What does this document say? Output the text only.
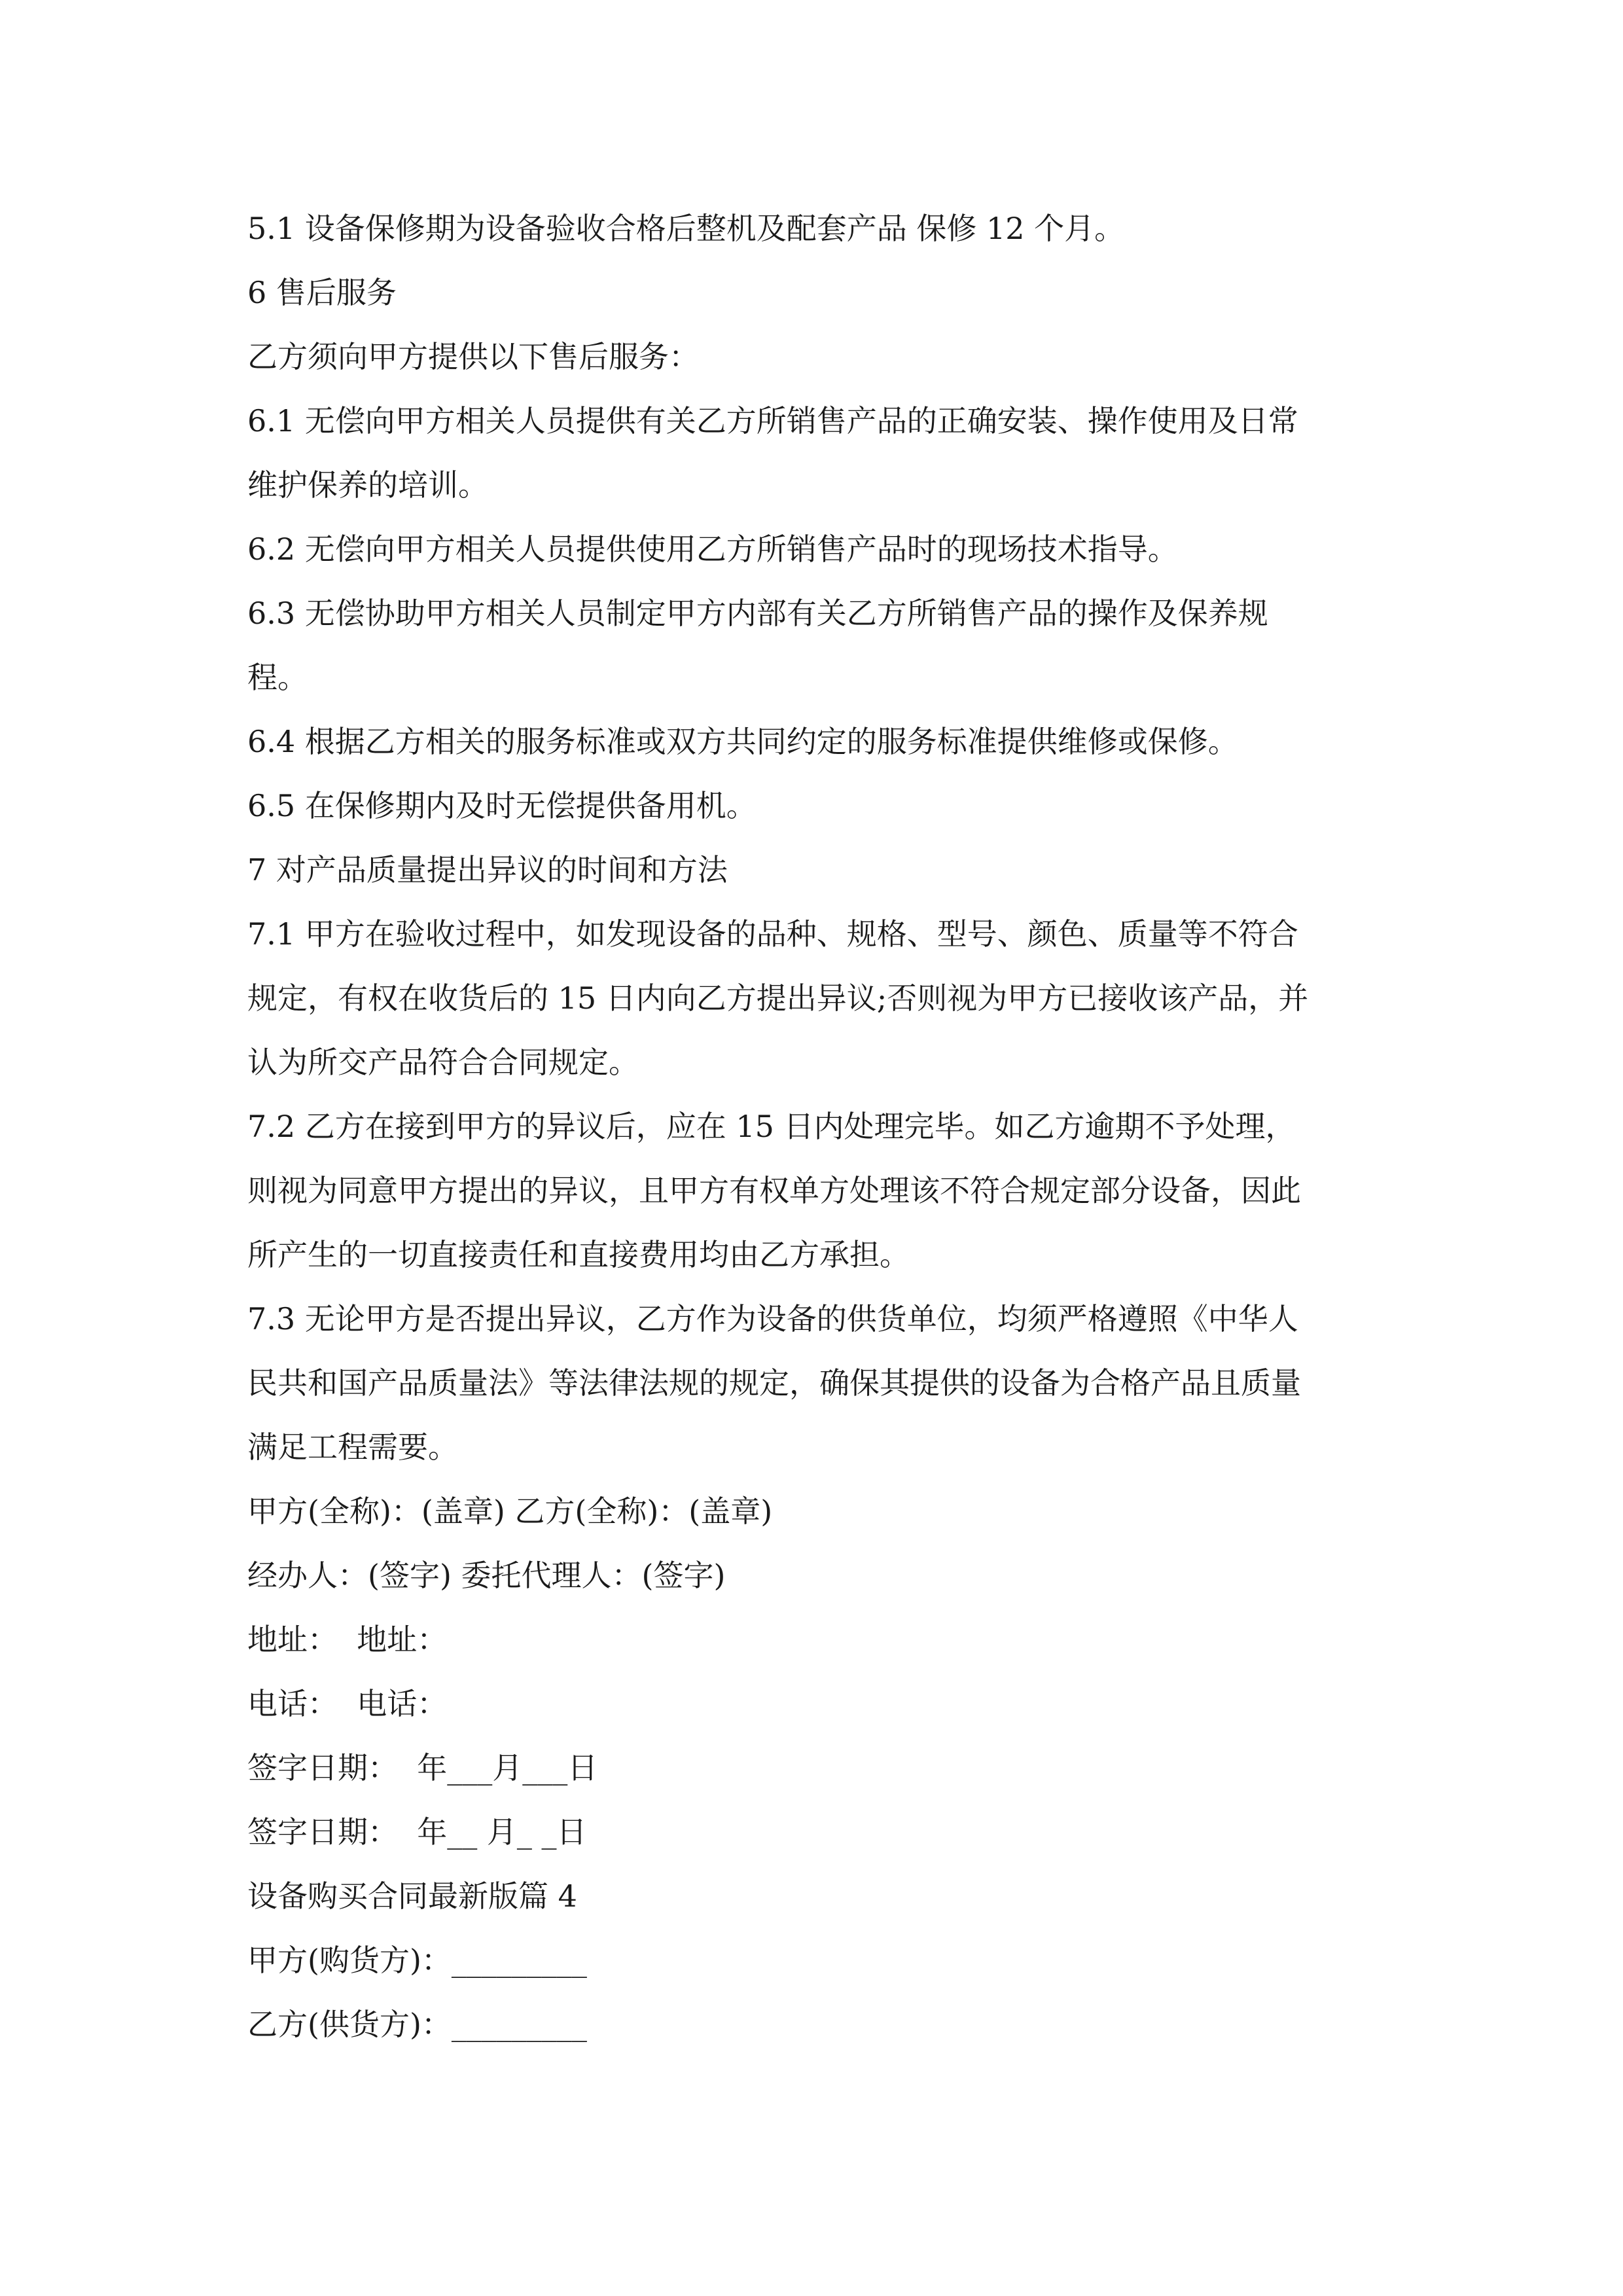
5.1 设备保修期为设备验收合格后整机及配套产品 保修 12 个月。

6 售后服务

乙方须向甲方提供以下售后服务：

6.1 无偿向甲方相关人员提供有关乙方所销售产品的正确安装、操作使用及日常

维护保养的培训。

6.2 无偿向甲方相关人员提供使用乙方所销售产品时的现场技术指导。

6.3 无偿协助甲方相关人员制定甲方内部有关乙方所销售产品的操作及保养规

程。

6.4 根据乙方相关的服务标准或双方共同约定的服务标准提供维修或保修。

6.5 在保修期内及时无偿提供备用机。

7 对产品质量提出异议的时间和方法

7.1 甲方在验收过程中，如发现设备的品种、规格、型号、颜色、质量等不符合

规定，有权在收货后的 15 日内向乙方提出异议;否则视为甲方已接收该产品，并

认为所交产品符合合同规定。

7.2 乙方在接到甲方的异议后，应在 15 日内处理完毕。如乙方逾期不予处理，

则视为同意甲方提出的异议，且甲方有权单方处理该不符合规定部分设备，因此

所产生的一切直接责任和直接费用均由乙方承担。

7.3 无论甲方是否提出异议，乙方作为设备的供货单位，均须严格遵照《中华人

民共和国产品质量法》等法律法规的规定，确保其提供的设备为合格产品且质量

满足工程需要。

甲方(全称)：(盖章) 乙方(全称)：(盖章)

经办人：(签字) 委托代理人：(签字)

地址：  地址：

电话：  电话：

签字日期：  年___月___日

签字日期：  年__ 月_ _日

设备购买合同最新版篇 4

甲方(购货方)：_________

乙方(供货方)：_________
